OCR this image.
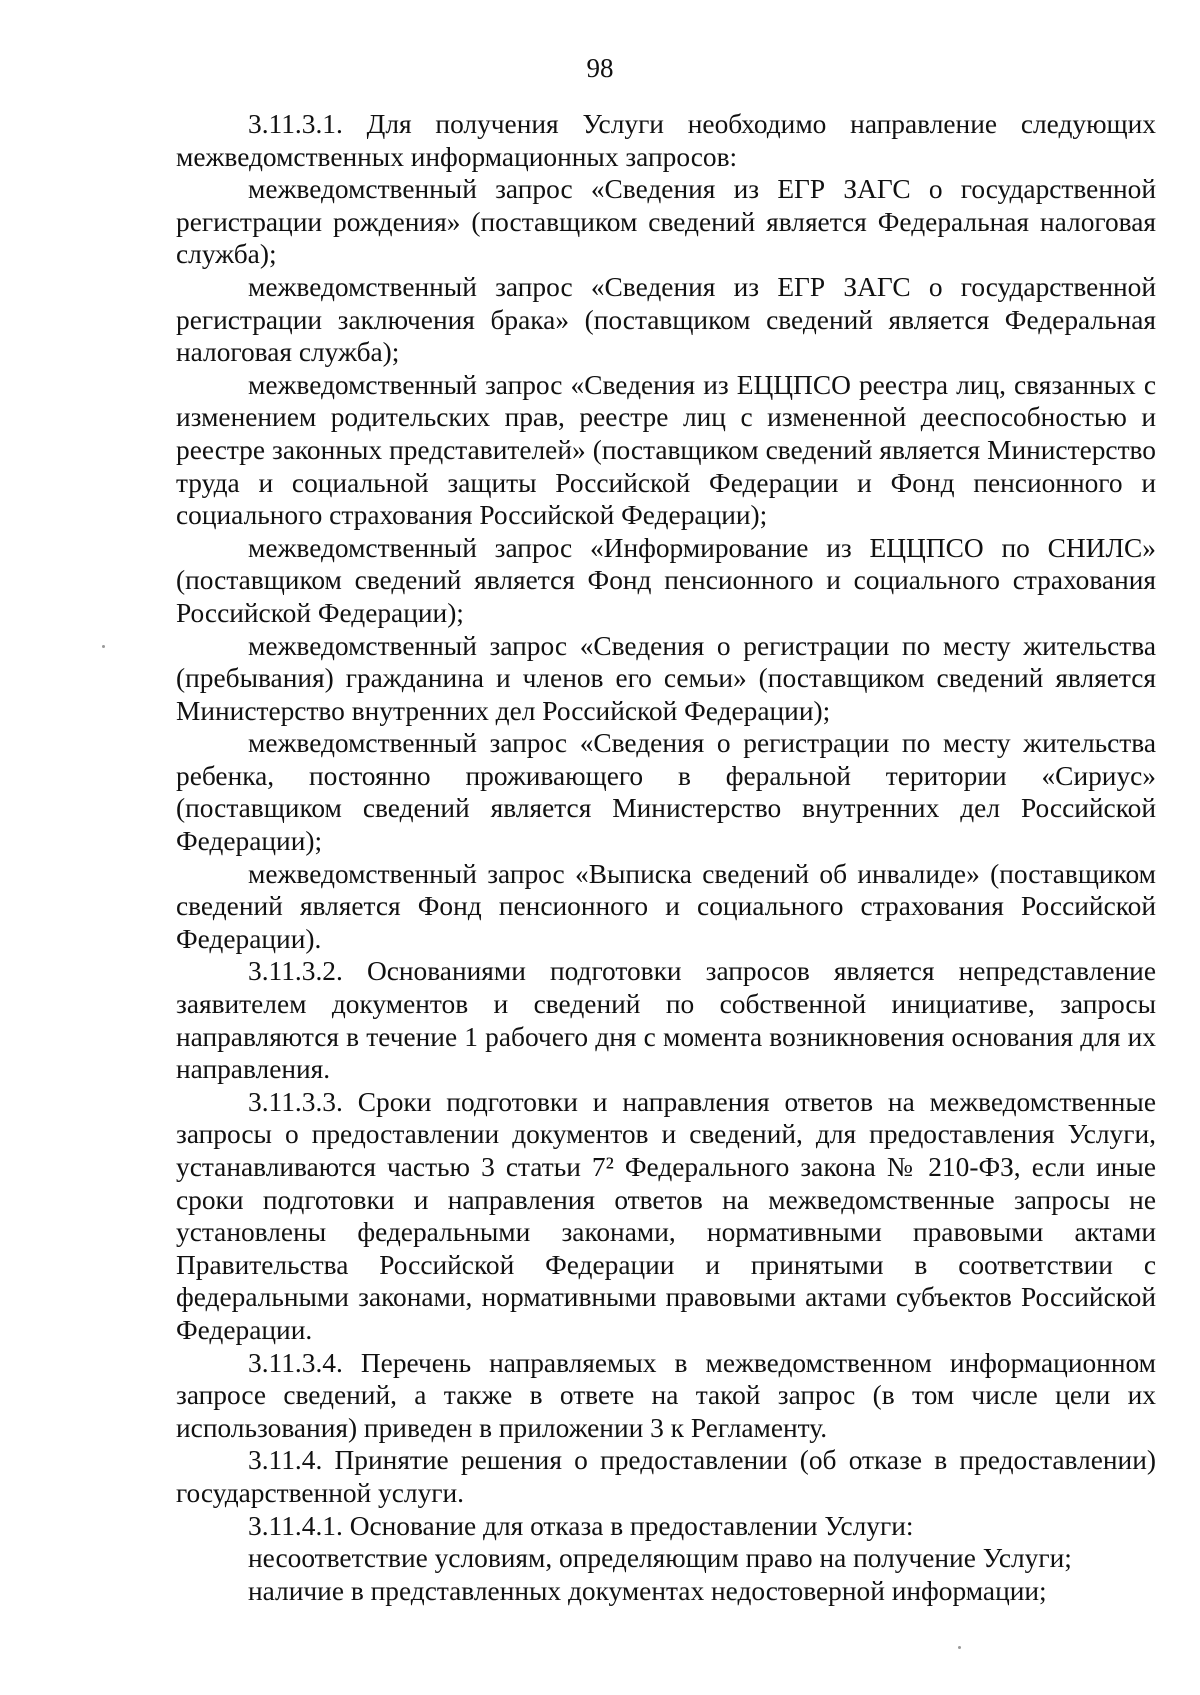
98

3.11.3.1. Для получения Услуги необходимо направление следующих межведомственных информационных запросов:

межведомственный запрос «Сведения из ЕГР ЗАГС о государственной регистрации рождения» (поставщиком сведений является Федеральная налоговая служба);

межведомственный запрос «Сведения из ЕГР ЗАГС о государственной регистрации заключения брака» (поставщиком сведений является Федеральная налоговая служба);

межведомственный запрос «Сведения из ЕЦЦПСО реестра лиц, связанных с изменением родительских прав, реестре лиц с измененной дееспособностью и реестре законных представителей» (поставщиком сведений является Министерство труда и социальной защиты Российской Федерации и Фонд пенсионного и социального страхования Российской Федерации);

межведомственный запрос «Информирование из ЕЦЦПСО по СНИЛС» (поставщиком сведений является Фонд пенсионного и социального страхования Российской Федерации);

межведомственный запрос «Сведения о регистрации по месту жительства (пребывания) гражданина и членов его семьи» (поставщиком сведений является Министерство внутренних дел Российской Федерации);

межведомственный запрос «Сведения о регистрации по месту жительства ребенка, постоянно проживающего в феральной територии «Сириус» (поставщиком сведений является Министерство внутренних дел Российской Федерации);

межведомственный запрос «Выписка сведений об инвалиде» (поставщиком сведений является Фонд пенсионного и социального страхования Российской Федерации).

3.11.3.2. Основаниями подготовки запросов является непредставление заявителем документов и сведений по собственной инициативе, запросы направляются в течение 1 рабочего дня с момента возникновения основания для их направления.

3.11.3.3. Сроки подготовки и направления ответов на межведомственные запросы о предоставлении документов и сведений, для предоставления Услуги, устанавливаются частью 3 статьи 7² Федерального закона № 210-ФЗ, если иные сроки подготовки и направления ответов на межведомственные запросы не установлены федеральными законами, нормативными правовыми актами Правительства Российской Федерации и принятыми в соответствии с федеральными законами, нормативными правовыми актами субъектов Российской Федерации.

3.11.3.4. Перечень направляемых в межведомственном информационном запросе сведений, а также в ответе на такой запрос (в том числе цели их использования) приведен в приложении 3 к Регламенту.

3.11.4. Принятие решения о предоставлении (об отказе в предоставлении) государственной услуги.

3.11.4.1. Основание для отказа в предоставлении Услуги:

несоответствие условиям, определяющим право на получение Услуги;

наличие в представленных документах недостоверной информации;
